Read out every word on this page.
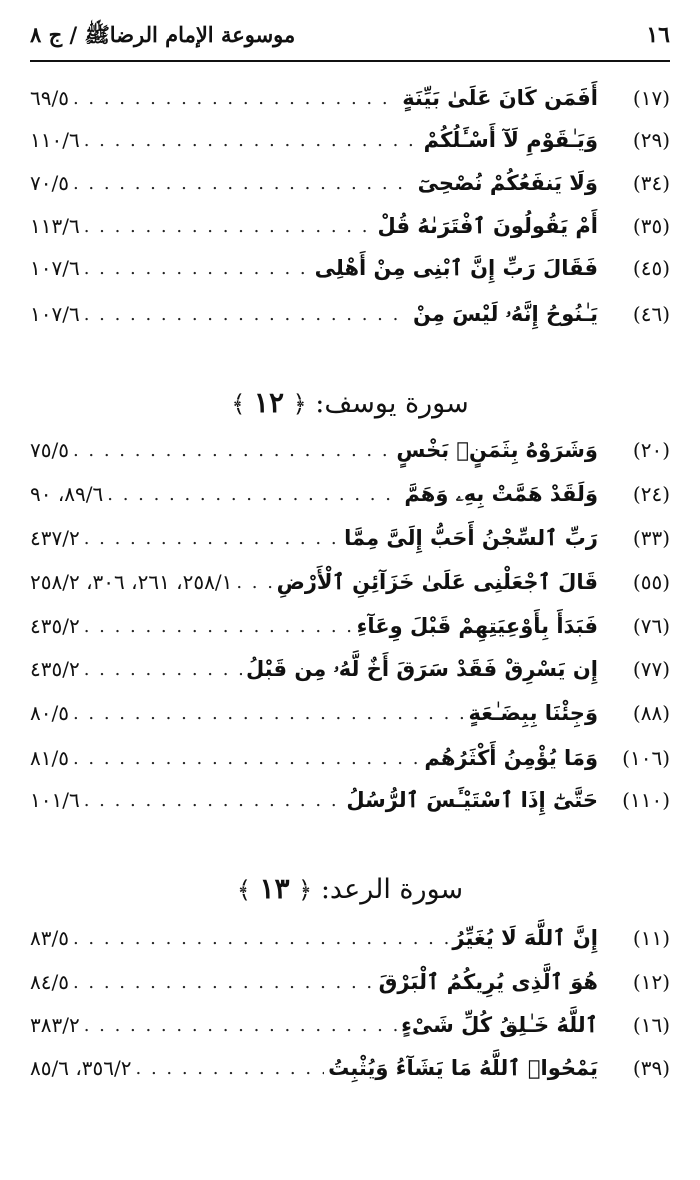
١٦
موسوعة الإمام الرضاﷺ / ج ٨
(١٧)
أَفَمَن كَانَ عَلَىٰ بَيِّنَةٍ
. . .
٦٩/٥
(٢٩)
وَيَـٰقَوْمِ لَآ أَسْـَٔلُكُمْ
. . .
١١٠/٦
(٣٤)
وَلَا يَنفَعُكُمْ نُصْحِىٓ
. . .
٧٠/٥
(٣٥)
أَمْ يَقُولُونَ ٱفْتَرَىٰهُ قُلْ
. . .
١١٣/٦
(٤٥)
فَقَالَ رَبِّ إِنَّ ٱبْنِى مِنْ أَهْلِى
. . .
١٠٧/٦
(٤٦)
يَـٰنُوحُ إِنَّهُۥ لَيْسَ مِنْ
. . .
١٠٧/٦
سورة يوسف: ﴿ ١٢ ﴾
(٢٠)
وَشَرَوْهُ بِثَمَنٍۭ بَخْسٍ
. . .
٧٥/٥
(٢٤)
وَلَقَدْ هَمَّتْ بِهِۦ وَهَمَّ
. . .
٨٩/٦، ٩٠
(٣٣)
رَبِّ ٱلسِّجْنُ أَحَبُّ إِلَىَّ مِمَّا
. . .
٤٣٧/٢
(٥٥)
قَالَ ٱجْعَلْنِى عَلَىٰ خَزَآئِنِ ٱلْأَرْضِ
. . .
٢٥٨/١، ٢٦١، ٣٠٦، ٢٥٨/٢
(٧٦)
فَبَدَأَ بِأَوْعِيَتِهِمْ قَبْلَ وِعَآءِ
. . .
٤٣٥/٢
(٧٧)
إِن يَسْرِقْ فَقَدْ سَرَقَ أَخٌ لَّهُۥ مِن قَبْلُ
. . .
٤٣٥/٢
(٨٨)
وَجِئْنَا بِبِضَـٰعَةٍ
. . .
٨٠/٥
(١٠٦)
وَمَا يُؤْمِنُ أَكْثَرُهُم
. . .
٨١/٥
(١١٠)
حَتَّىٰٓ إِذَا ٱسْتَيْـَٔسَ ٱلرُّسُلُ
. . .
١٠١/٦
سورة الرعد: ﴿ ١٣ ﴾
(١١)
إِنَّ ٱللَّهَ لَا يُغَيِّرُ
. . .
٨٣/٥
(١٢)
هُوَ ٱلَّذِى يُرِيكُمُ ٱلْبَرْقَ
. . .
٨٤/٥
(١٦)
ٱللَّهُ خَـٰلِقُ كُلِّ شَىْءٍ
. . .
٣٨٣/٢
(٣٩)
يَمْحُوا۟ ٱللَّهُ مَا يَشَآءُ وَيُثْبِتُ
. . .
٣٥٦/٢، ٨٥/٦
